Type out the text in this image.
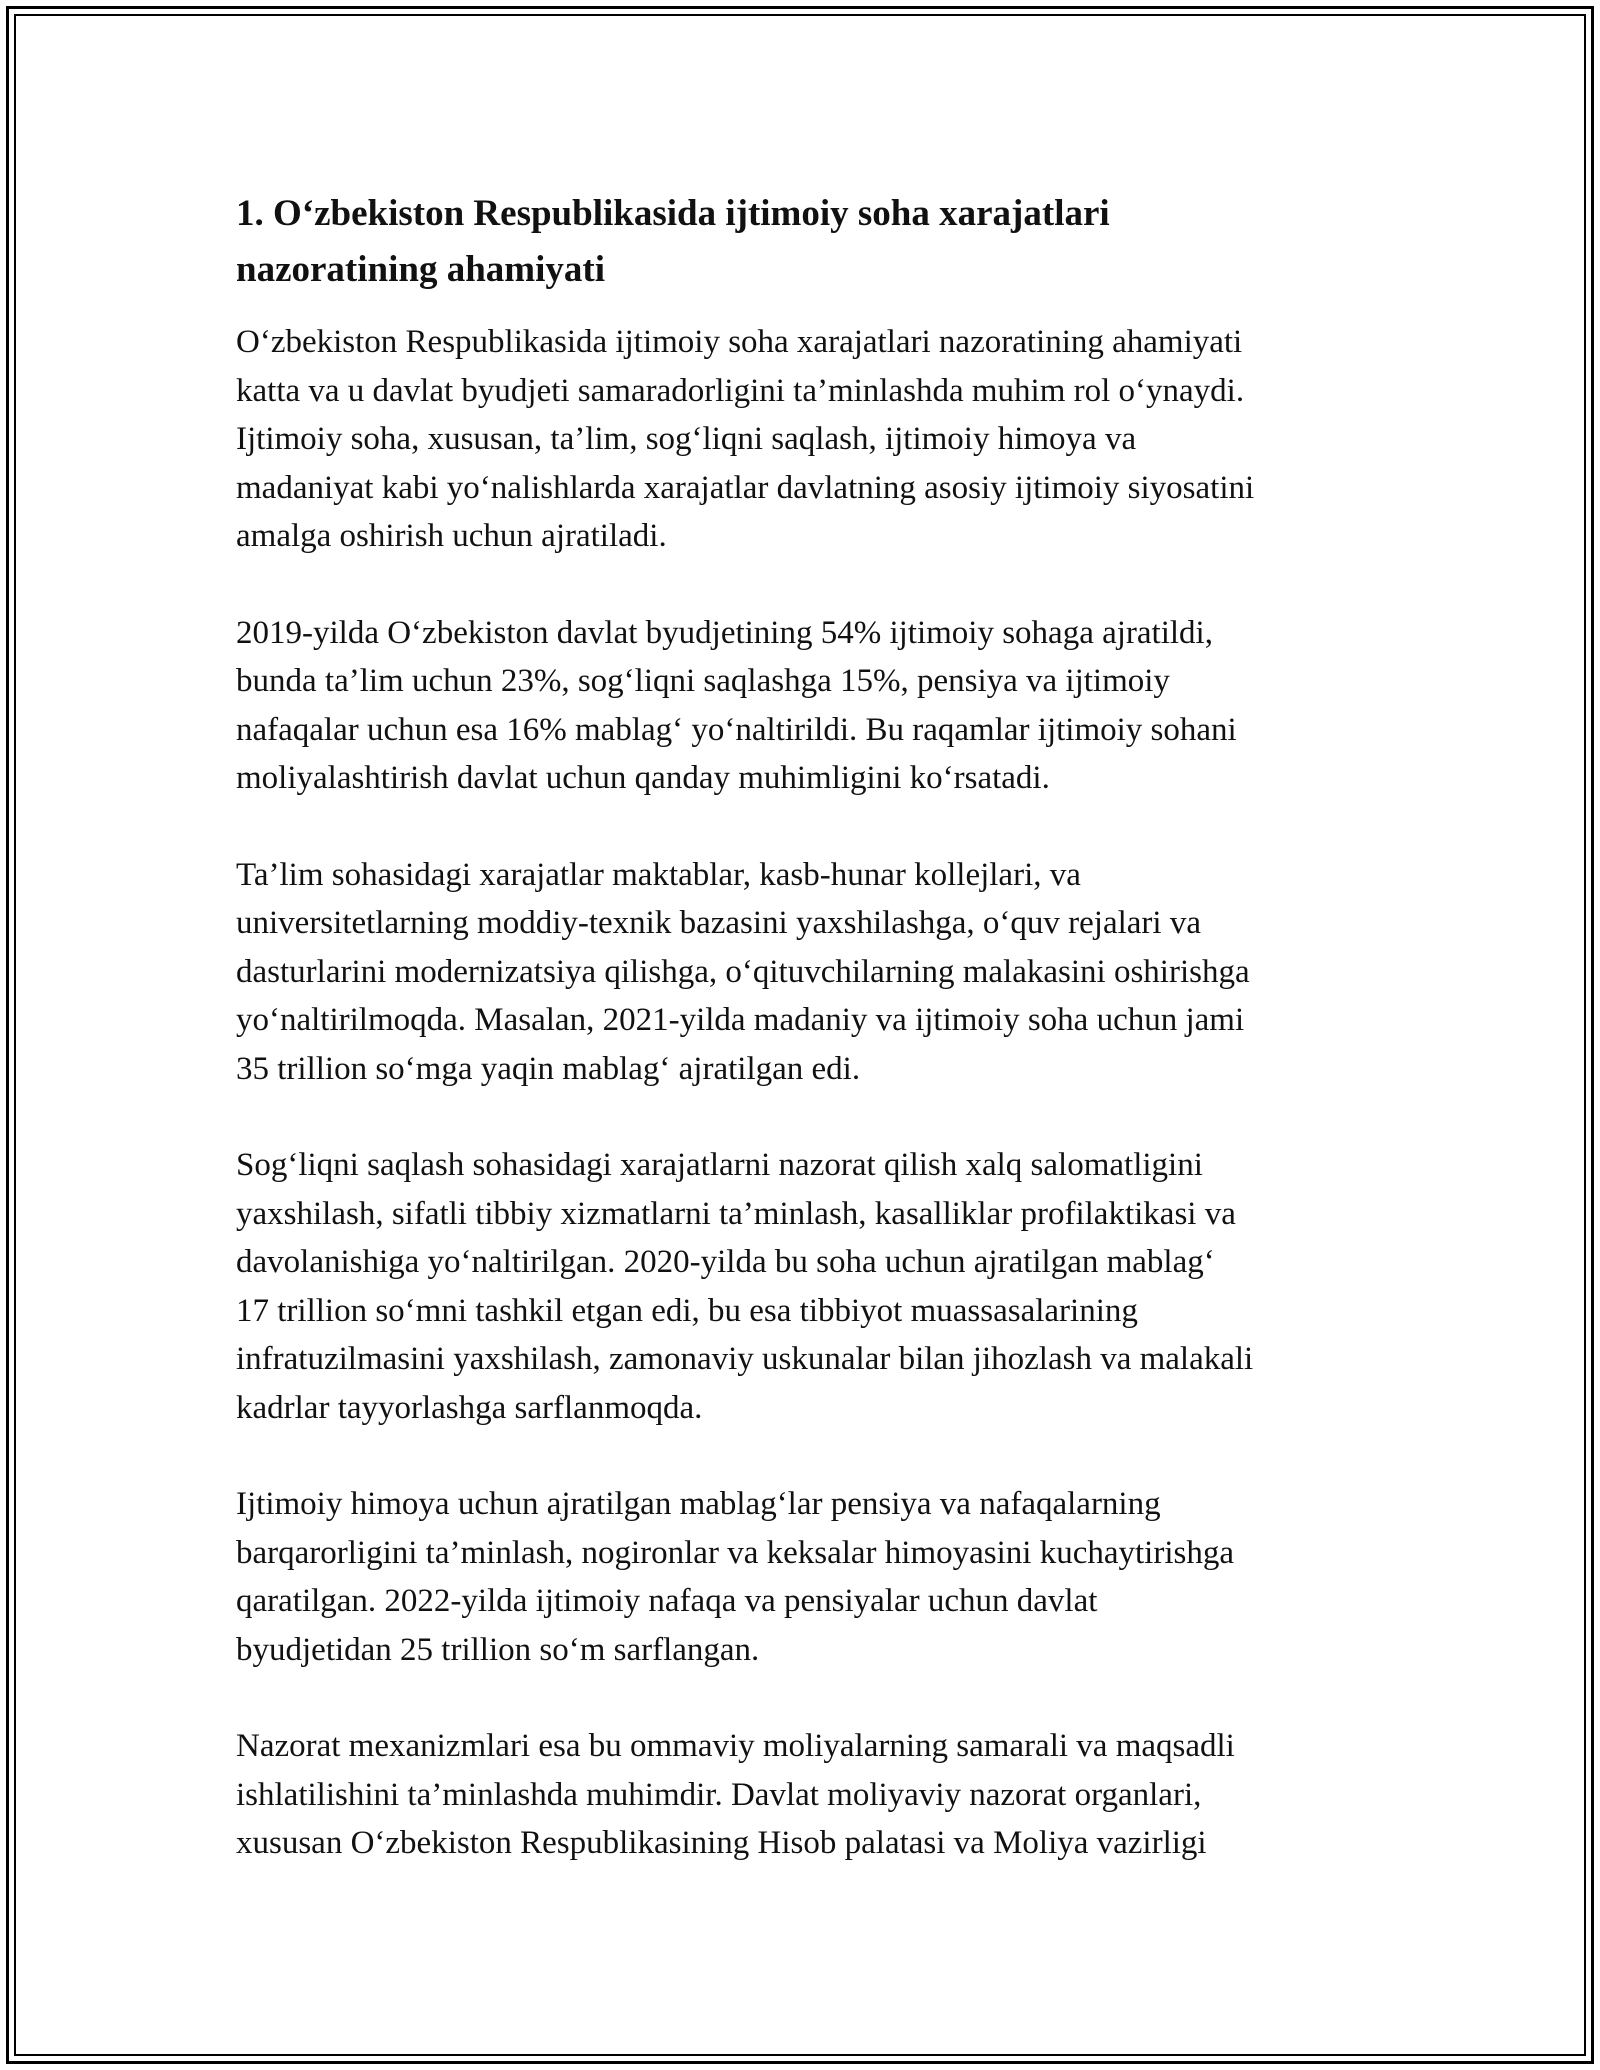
1. O‘zbekiston Respublikasida ijtimoiy soha xarajatlari
nazoratining ahamiyati

O‘zbekiston Respublikasida ijtimoiy soha xarajatlari nazoratining ahamiyati
katta va u davlat byudjeti samaradorligini ta’minlashda muhim rol o‘ynaydi.
Ijtimoiy soha, xususan, ta’lim, sog‘liqni saqlash, ijtimoiy himoya va
madaniyat kabi yo‘nalishlarda xarajatlar davlatning asosiy ijtimoiy siyosatini
amalga oshirish uchun ajratiladi.

2019-yilda O‘zbekiston davlat byudjetining 54% ijtimoiy sohaga ajratildi,
bunda ta’lim uchun 23%, sog‘liqni saqlashga 15%, pensiya va ijtimoiy
nafaqalar uchun esa 16% mablag‘ yo‘naltirildi. Bu raqamlar ijtimoiy sohani
moliyalashtirish davlat uchun qanday muhimligini ko‘rsatadi.

Ta’lim sohasidagi xarajatlar maktablar, kasb-hunar kollejlari, va
universitetlarning moddiy-texnik bazasini yaxshilashga, o‘quv rejalari va
dasturlarini modernizatsiya qilishga, o‘qituvchilarning malakasini oshirishga
yo‘naltirilmoqda. Masalan, 2021-yilda madaniy va ijtimoiy soha uchun jami
35 trillion so‘mga yaqin mablag‘ ajratilgan edi.

Sog‘liqni saqlash sohasidagi xarajatlarni nazorat qilish xalq salomatligini
yaxshilash, sifatli tibbiy xizmatlarni ta’minlash, kasalliklar profilaktikasi va
davolanishiga yo‘naltirilgan. 2020-yilda bu soha uchun ajratilgan mablag‘
17 trillion so‘mni tashkil etgan edi, bu esa tibbiyot muassasalarining
infratuzilmasini yaxshilash, zamonaviy uskunalar bilan jihozlash va malakali
kadrlar tayyorlashga sarflanmoqda.

Ijtimoiy himoya uchun ajratilgan mablag‘lar pensiya va nafaqalarning
barqarorligini ta’minlash, nogironlar va keksalar himoyasini kuchaytirishga
qaratilgan. 2022-yilda ijtimoiy nafaqa va pensiyalar uchun davlat
byudjetidan 25 trillion so‘m sarflangan.

Nazorat mexanizmlari esa bu ommaviy moliyalarning samarali va maqsadli
ishlatilishini ta’minlashda muhimdir. Davlat moliyaviy nazorat organlari,
xususan O‘zbekiston Respublikasining Hisob palatasi va Moliya vazirligi
